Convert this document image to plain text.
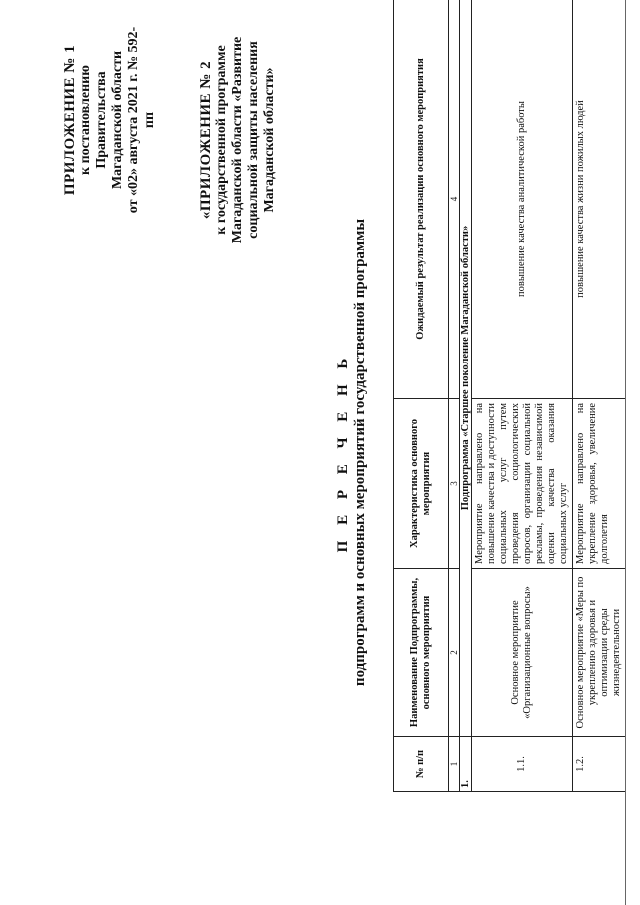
ПРИЛОЖЕНИЕ № 1 к постановлению Правительства Магаданской области от «02» августа 2021 г. № 592-пп	«ПРИЛОЖЕНИЕ № 2 к государственной программе Магаданской области «Развитие социальной защиты населения Магаданской области»
П Е Р Е Ч Е Н Ь подпрограмм и основных мероприятий государственной программы
№ п/п	Наименование Подпрограммы, основного мероприятия	Характеристика основного мероприятия	Ожидаемый результат реализации основного мероприятия
1	2	3	4
1.	Подпрограмма «Старшее поколение Магаданской области»		
1.1.	Основное мероприятие «Организационные вопросы»	Мероприятие направлено на повышение качества и доступности социальных услуг путем проведения социологических опросов, организации социальной рекламы, проведения независимой оценки качества оказания социальных услуг	повышение качества аналитической работы
1.2.	Основное мероприятие «Меры по укреплению здоровья и оптимизации среды жизнедеятельности	Мероприятие направлено на укрепление здоровья, увеличение долголетия	повышение качества жизни пожилых людей
